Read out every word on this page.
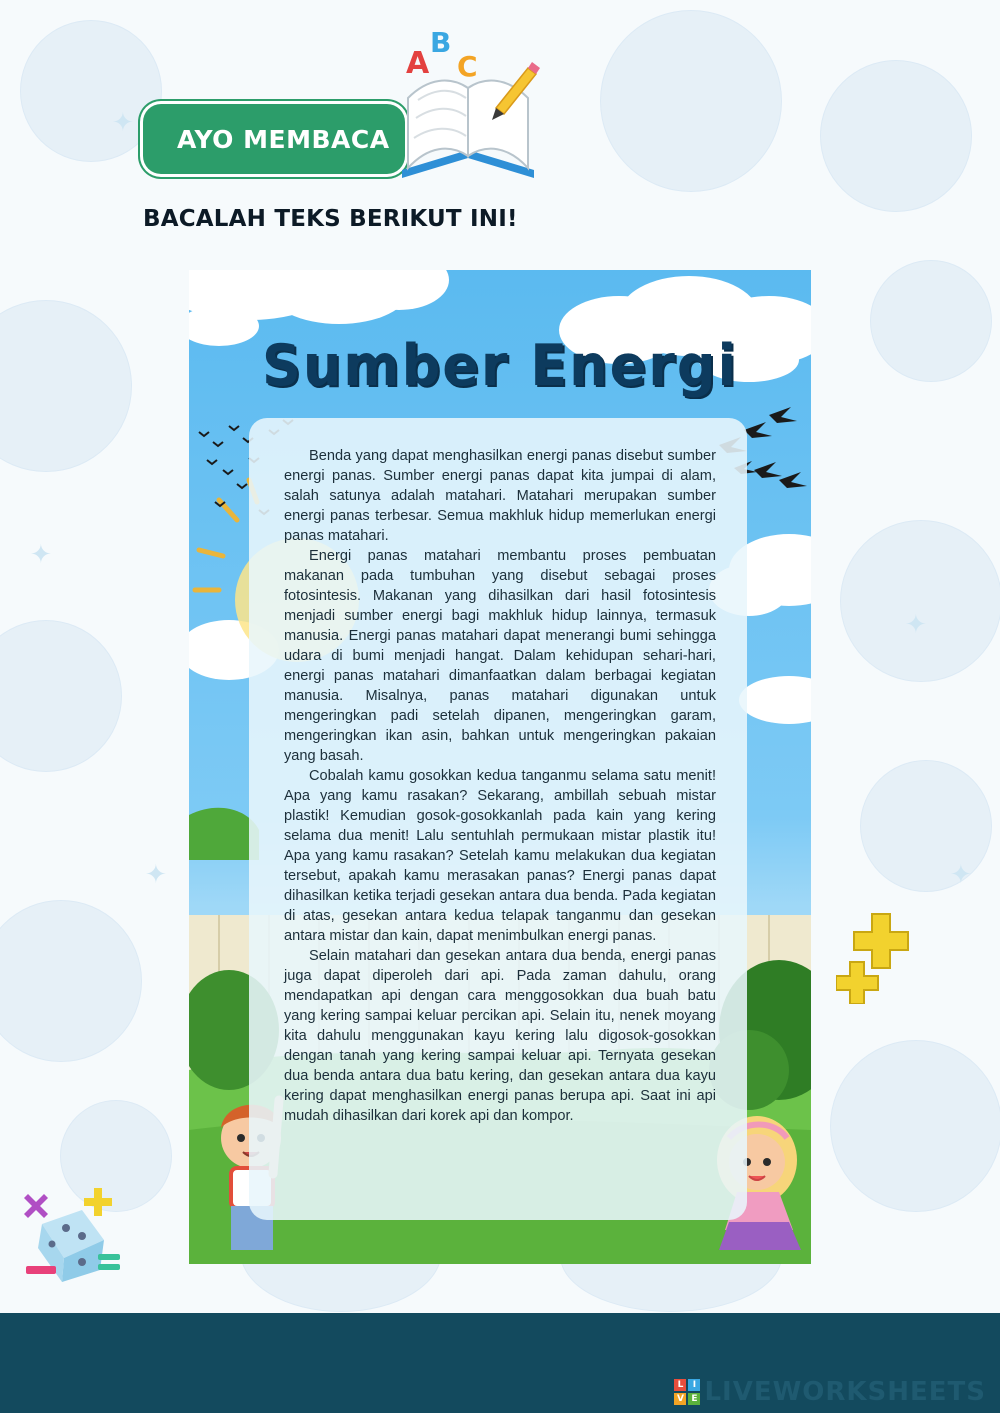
✦
✦
✦
✦
✦
AYO MEMBACA
A
B
C
BACALAH TEKS BERIKUT INI!
Sumber Energi

Benda yang dapat menghasilkan energi panas disebut sumber energi panas. Sumber energi panas dapat kita jumpai di alam, salah satunya adalah matahari. Matahari merupakan sumber energi panas terbesar. Semua makhluk hidup memerlukan energi panas matahari.

Energi panas matahari membantu proses pembuatan makanan pada tumbuhan yang disebut sebagai proses fotosintesis. Makanan yang dihasilkan dari hasil fotosintesis menjadi sumber energi bagi makhluk hidup lainnya, termasuk manusia. Energi panas matahari dapat menerangi bumi sehingga udara di bumi menjadi hangat. Dalam kehidupan sehari-hari, energi panas matahari dimanfaatkan dalam berbagai kegiatan manusia. Misalnya, panas matahari digunakan untuk mengeringkan padi setelah dipanen, mengeringkan garam, mengeringkan ikan asin, bahkan untuk mengeringkan pakaian yang basah.

Cobalah kamu gosokkan kedua tanganmu selama satu menit! Apa yang kamu rasakan? Sekarang, ambillah sebuah mistar plastik! Kemudian gosok-gosokkanlah pada kain yang kering selama dua menit! Lalu sentuhlah permukaan mistar plastik itu! Apa yang kamu rasakan? Setelah kamu melakukan dua kegiatan tersebut, apakah kamu merasakan panas? Energi panas dapat dihasilkan ketika terjadi gesekan antara dua benda. Pada kegiatan di atas, gesekan antara kedua telapak tanganmu dan gesekan antara mistar dan kain, dapat menimbulkan energi panas.

Selain matahari dan gesekan antara dua benda, energi panas juga dapat diperoleh dari api. Pada zaman dahulu, orang mendapatkan api dengan cara menggosokkan dua buah batu yang kering sampai keluar percikan api. Selain itu, nenek moyang kita dahulu menggunakan kayu kering lalu digosok-gosokkan dengan tanah yang kering sampai keluar api. Ternyata gesekan dua benda antara dua batu kering, dan gesekan antara dua kayu kering dapat menghasilkan energi panas berupa api. Saat ini api mudah dihasilkan dari korek api dan kompor.

L	I
V E LIVEWORKSHEETS
